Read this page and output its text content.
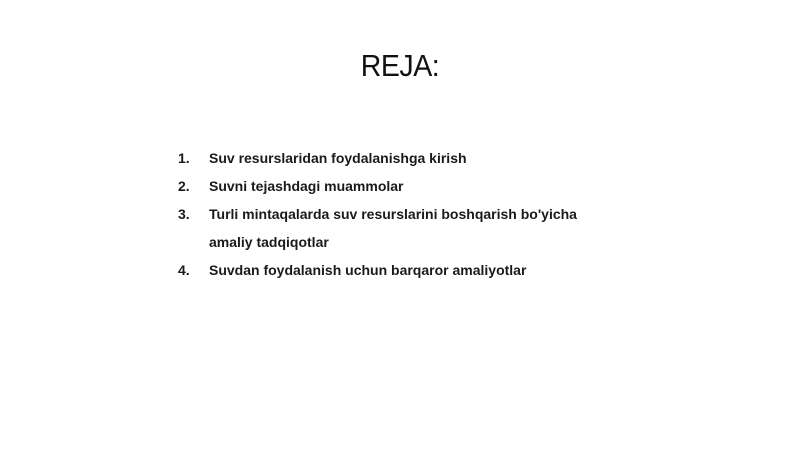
REJA:
1.	Suv resurslaridan foydalanishga kirish
2.	Suvni tejashdagi muammolar
3.	Turli mintaqalarda suv resurslarini boshqarish bo'yicha amaliy tadqiqotlar
4.	Suvdan foydalanish uchun barqaror amaliyotlar
